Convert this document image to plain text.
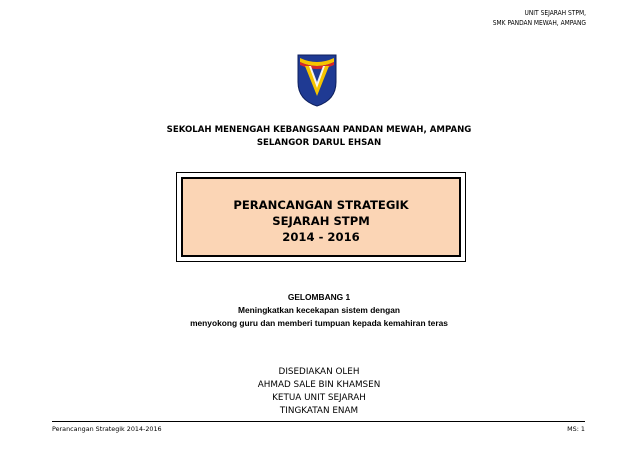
UNIT SEJARAH STPM,
SMK PANDAN MEWAH, AMPANG
SEKOLAH MENENGAH KEBANGSAAN PANDAN MEWAH, AMPANG
SELANGOR DARUL EHSAN
PERANCANGAN STRATEGIK
SEJARAH STPM
2014 - 2016
GELOMBANG 1
Meningkatkan kecekapan sistem dengan
menyokong guru dan memberi tumpuan kepada kemahiran teras
DISEDIAKAN OLEH
AHMAD SALE BIN KHAMSEN
KETUA UNIT SEJARAH
TINGKATAN ENAM
Perancangan Strategik 2014-2016	MS: 1
